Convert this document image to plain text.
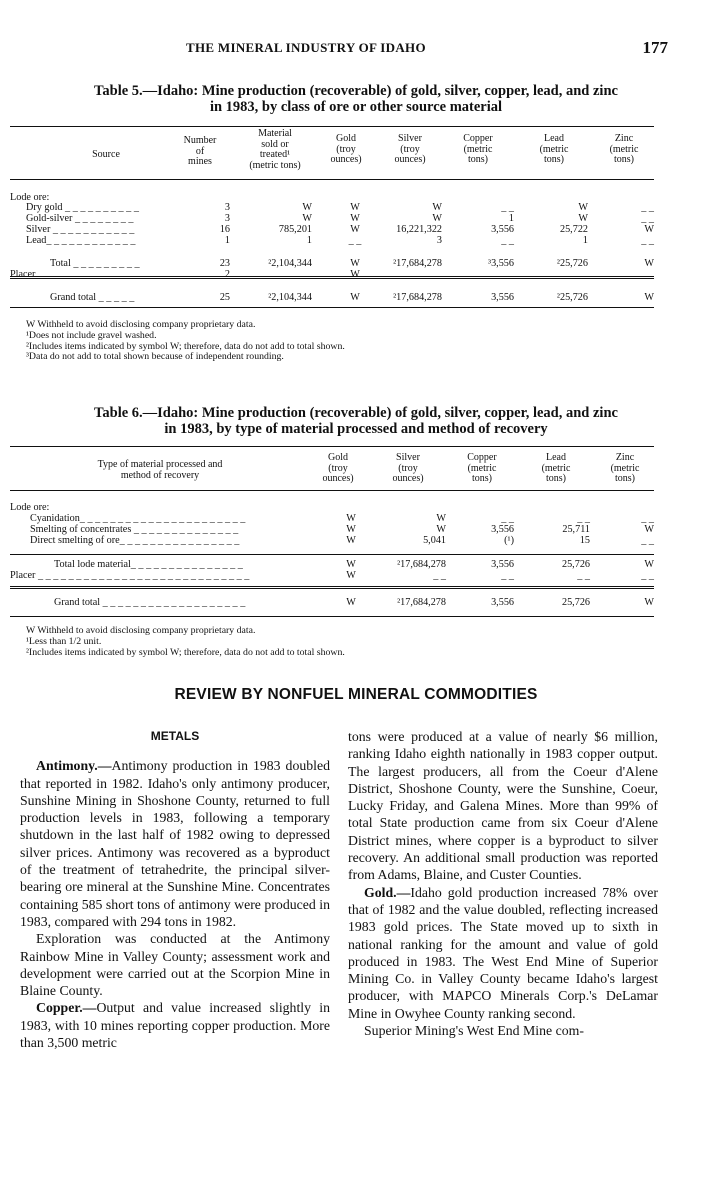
THE MINERAL INDUSTRY OF IDAHO	177
Table 5.—Idaho: Mine production (recoverable) of gold, silver, copper, lead, and zinc
in 1983, by class of ore or other source material
Source
Number
of
mines
Material
sold or
treated¹
(metric tons)
Gold
(troy
ounces)
Silver
(troy
ounces)
Copper
(metric
tons)
Lead
(metric
tons)
Zinc
(metric
tons)
Lode ore:
Dry gold _ _ _ _ _ _ _ _ _ _	3	W	W	W	_ _	W	_ _
Gold-silver _ _ _ _ _ _ _ _	3	W	W	W	1	W	_ _
Silver _ _ _ _ _ _ _ _ _ _ _	16	785,201	W	16,221,322	3,556	25,722	W
Lead_ _ _ _ _ _ _ _ _ _ _ _	1	1	_ _	3	_ _	1	_ _
Total _ _ _ _ _ _ _ _ _	23	²2,104,344	W	²17,684,278	³3,556	²25,726	W
Placer_ _ _ _ _ _ _ _ _ _ _ _ _	2	_ _	W	_ _	_ _	_ _	_ _
Grand total _ _ _ _ _	25	²2,104,344	W	²17,684,278	3,556	²25,726	W
W Withheld to avoid disclosing company proprietary data.
¹Does not include gravel washed.
²Includes items indicated by symbol W; therefore, data do not add to total shown.
³Data do not add to total shown because of independent rounding.
Table 6.—Idaho: Mine production (recoverable) of gold, silver, copper, lead, and zinc
in 1983, by type of material processed and method of recovery
Type of material processed and
method of recovery
Gold
(troy
ounces)
Silver
(troy
ounces)
Copper
(metric
tons)
Lead
(metric
tons)
Zinc
(metric
tons)
Lode ore:
Cyanidation_ _ _ _ _ _ _ _ _ _ _ _ _ _ _ _ _ _ _ _ _ _	W	W	_ _	_ _	_ _
Smelting of concentrates _ _ _ _ _ _ _ _ _ _ _ _ _ _	W	W	3,556	25,711	W
Direct smelting of ore_ _ _ _ _ _ _ _ _ _ _ _ _ _ _ _	W	5,041	(¹)	15	_ _
Total lode material_ _ _ _ _ _ _ _ _ _ _ _ _ _ _	W	²17,684,278	3,556	25,726	W
Placer _ _ _ _ _ _ _ _ _ _ _ _ _ _ _ _ _ _ _ _ _ _ _ _ _ _ _ _	W	_ _	_ _	_ _	_ _
Grand total _ _ _ _ _ _ _ _ _ _ _ _ _ _ _ _ _ _ _	W	²17,684,278	3,556	25,726	W
W Withheld to avoid disclosing company proprietary data.
¹Less than 1/2 unit.
²Includes items indicated by symbol W; therefore, data do not add to total shown.
REVIEW BY NONFUEL MINERAL COMMODITIES
METALS

Antimony.—Antimony production in 1983 doubled that reported in 1982. Idaho's only antimony producer, Sunshine Mining in Shoshone County, returned to full production levels in 1983, following a temporary shutdown in the last half of 1982 owing to depressed silver prices. Antimony was recovered as a byproduct of the treatment of tetrahedrite, the principal silver-bearing ore mineral at the Sunshine Mine. Concentrates containing 585 short tons of antimony were produced in 1983, compared with 294 tons in 1982.

Exploration was conducted at the Antimony Rainbow Mine in Valley County; assessment work and development were carried out at the Scorpion Mine in Blaine County.

Copper.—Output and value increased slightly in 1983, with 10 mines reporting copper production. More than 3,500 metric

tons were produced at a value of nearly $6 million, ranking Idaho eighth nationally in 1983 copper output. The largest producers, all from the Coeur d'Alene District, Shoshone County, were the Sunshine, Coeur, Lucky Friday, and Galena Mines. More than 99% of total State production came from six Coeur d'Alene District mines, where copper is a byproduct to silver recovery. An additional small production was reported from Adams, Blaine, and Custer Counties.

Gold.—Idaho gold production increased 78% over that of 1982 and the value doubled, reflecting increased 1983 gold prices. The State moved up to sixth in national ranking for the amount and value of gold produced in 1983. The West End Mine of Superior Mining Co. in Valley County became Idaho's largest producer, with MAPCO Minerals Corp.'s DeLamar Mine in Owyhee County ranking second.

Superior Mining's West End Mine com-
